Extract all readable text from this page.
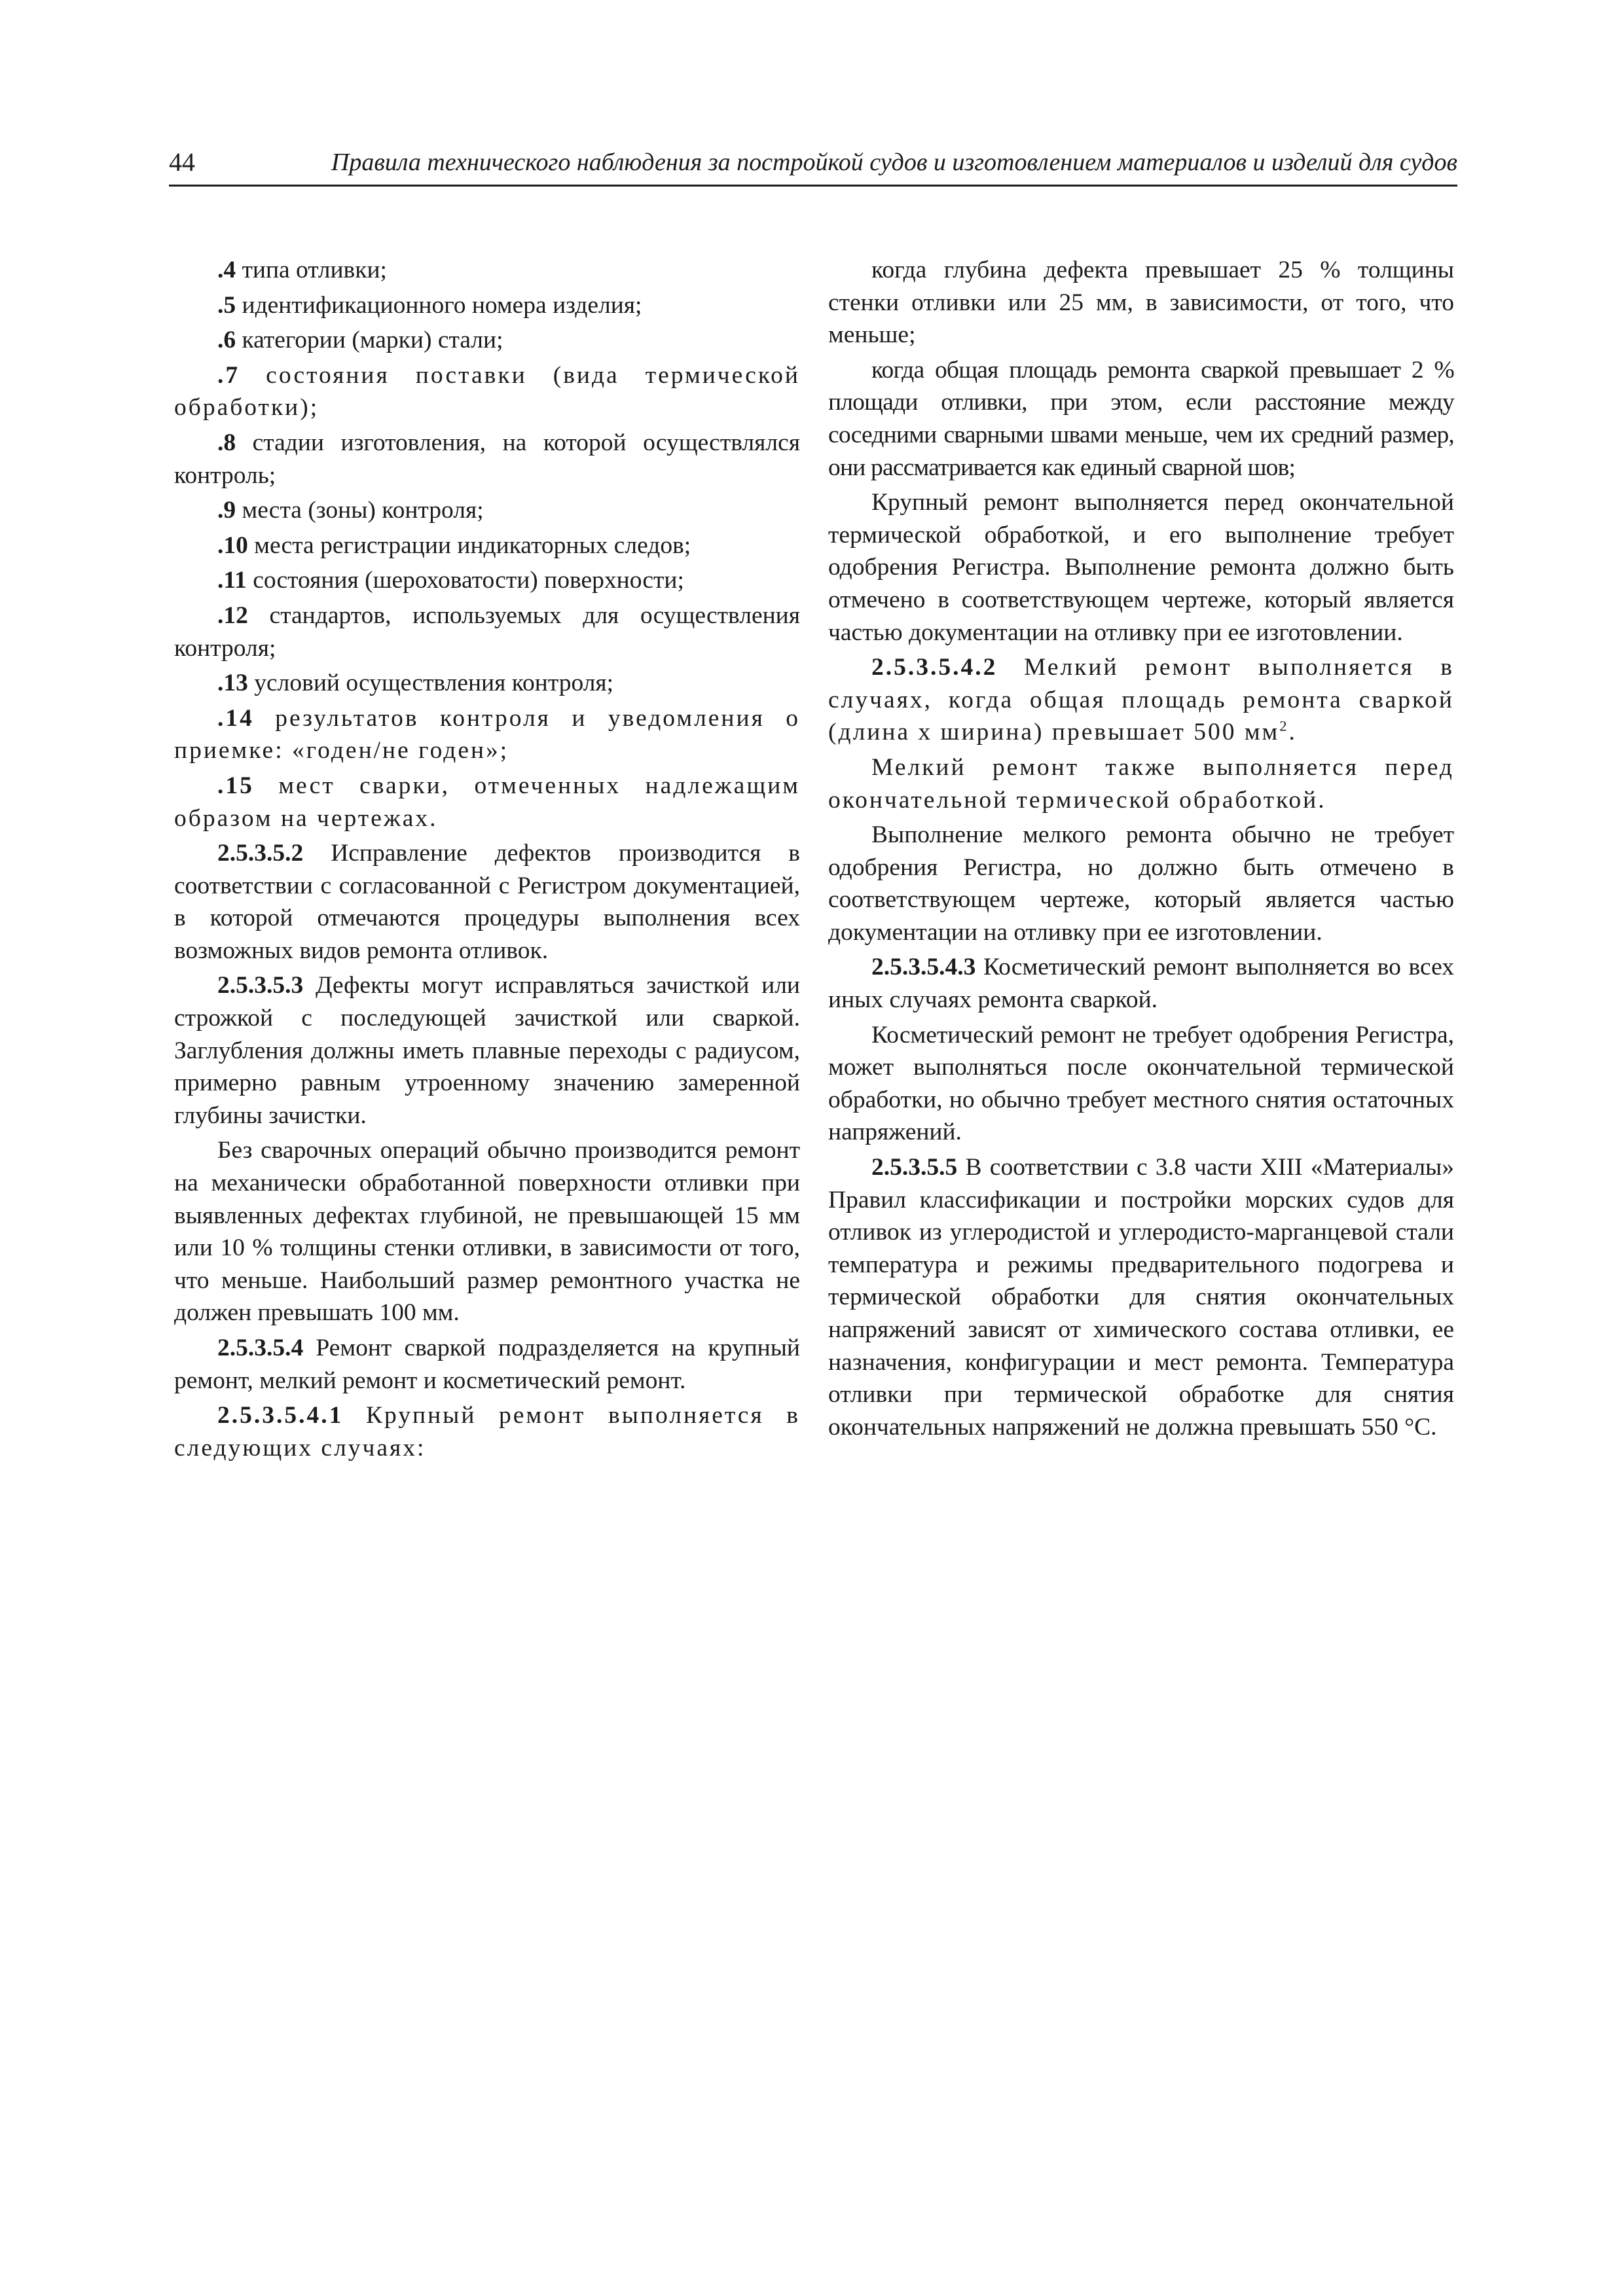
44	Правила технического наблюдения за постройкой судов и изготовлением материалов и изделий для судов

.4 типа отливки;

.5 идентификационного номера изделия;

.6 категории (марки) стали;

.7 состояния поставки (вида термической обработки);

.8 стадии изготовления, на которой осуществлялся контроль;

.9 места (зоны) контроля;

.10 места регистрации индикаторных следов;

.11 состояния (шероховатости) поверхности;

.12 стандартов, используемых для осуществления контроля;

.13 условий осуществления контроля;

.14 результатов контроля и уведомления о приемке: «годен/не годен»;

.15 мест сварки, отмеченных надлежащим образом на чертежах.

2.5.3.5.2 Исправление дефектов производится в соответствии с согласованной с Регистром документацией, в которой отмечаются процедуры выполнения всех возможных видов ремонта отливок.

2.5.3.5.3 Дефекты могут исправляться зачисткой или строжкой с последующей зачисткой или сваркой. Заглубления должны иметь плавные переходы с радиусом, примерно равным утроенному значению замеренной глубины зачистки.

Без сварочных операций обычно производится ремонт на механически обработанной поверхности отливки при выявленных дефектах глубиной, не превышающей 15 мм или 10 % толщины стенки отливки, в зависимости от того, что меньше. Наибольший размер ремонтного участка не должен превышать 100 мм.

2.5.3.5.4 Ремонт сваркой подразделяется на крупный ремонт, мелкий ремонт и косметический ремонт.

2.5.3.5.4.1 Крупный ремонт выполняется в следующих случаях:

когда глубина дефекта превышает 25 % толщины стенки отливки или 25 мм, в зависимости, от того, что меньше;

когда общая площадь ремонта сваркой превышает 2 % площади отливки, при этом, если расстояние между соседними сварными швами меньше, чем их средний размер, они рассматривается как единый сварной шов;

Крупный ремонт выполняется перед окончательной термической обработкой, и его выполнение требует одобрения Регистра. Выполнение ремонта должно быть отмечено в соответствующем чертеже, который является частью документации на отливку при ее изготовлении.

2.5.3.5.4.2 Мелкий ремонт выполняется в случаях, когда общая площадь ремонта сваркой (длина х ширина) превышает 500 $мм^2$.

Мелкий ремонт также выполняется перед окончательной термической обработкой.

Выполнение мелкого ремонта обычно не требует одобрения Регистра, но должно быть отмечено в соответствующем чертеже, который является частью документации на отливку при ее изготовлении.

2.5.3.5.4.3 Косметический ремонт выполняется во всех иных случаях ремонта сваркой.

Косметический ремонт не требует одобрения Регистра, может выполняться после окончательной термической обработки, но обычно требует местного снятия остаточных напряжений.

2.5.3.5.5 В соответствии с 3.8 части XIII «Материалы» Правил классификации и постройки морских судов для отливок из углеродистой и углеродисто-марганцевой стали температура и режимы предварительного подогрева и термической обработки для снятия окончательных напряжений зависят от химического состава отливки, ее назначения, конфигурации и мест ремонта. Температура отливки при термической обработке для снятия окончательных напряжений не должна превышать 550 °С.
